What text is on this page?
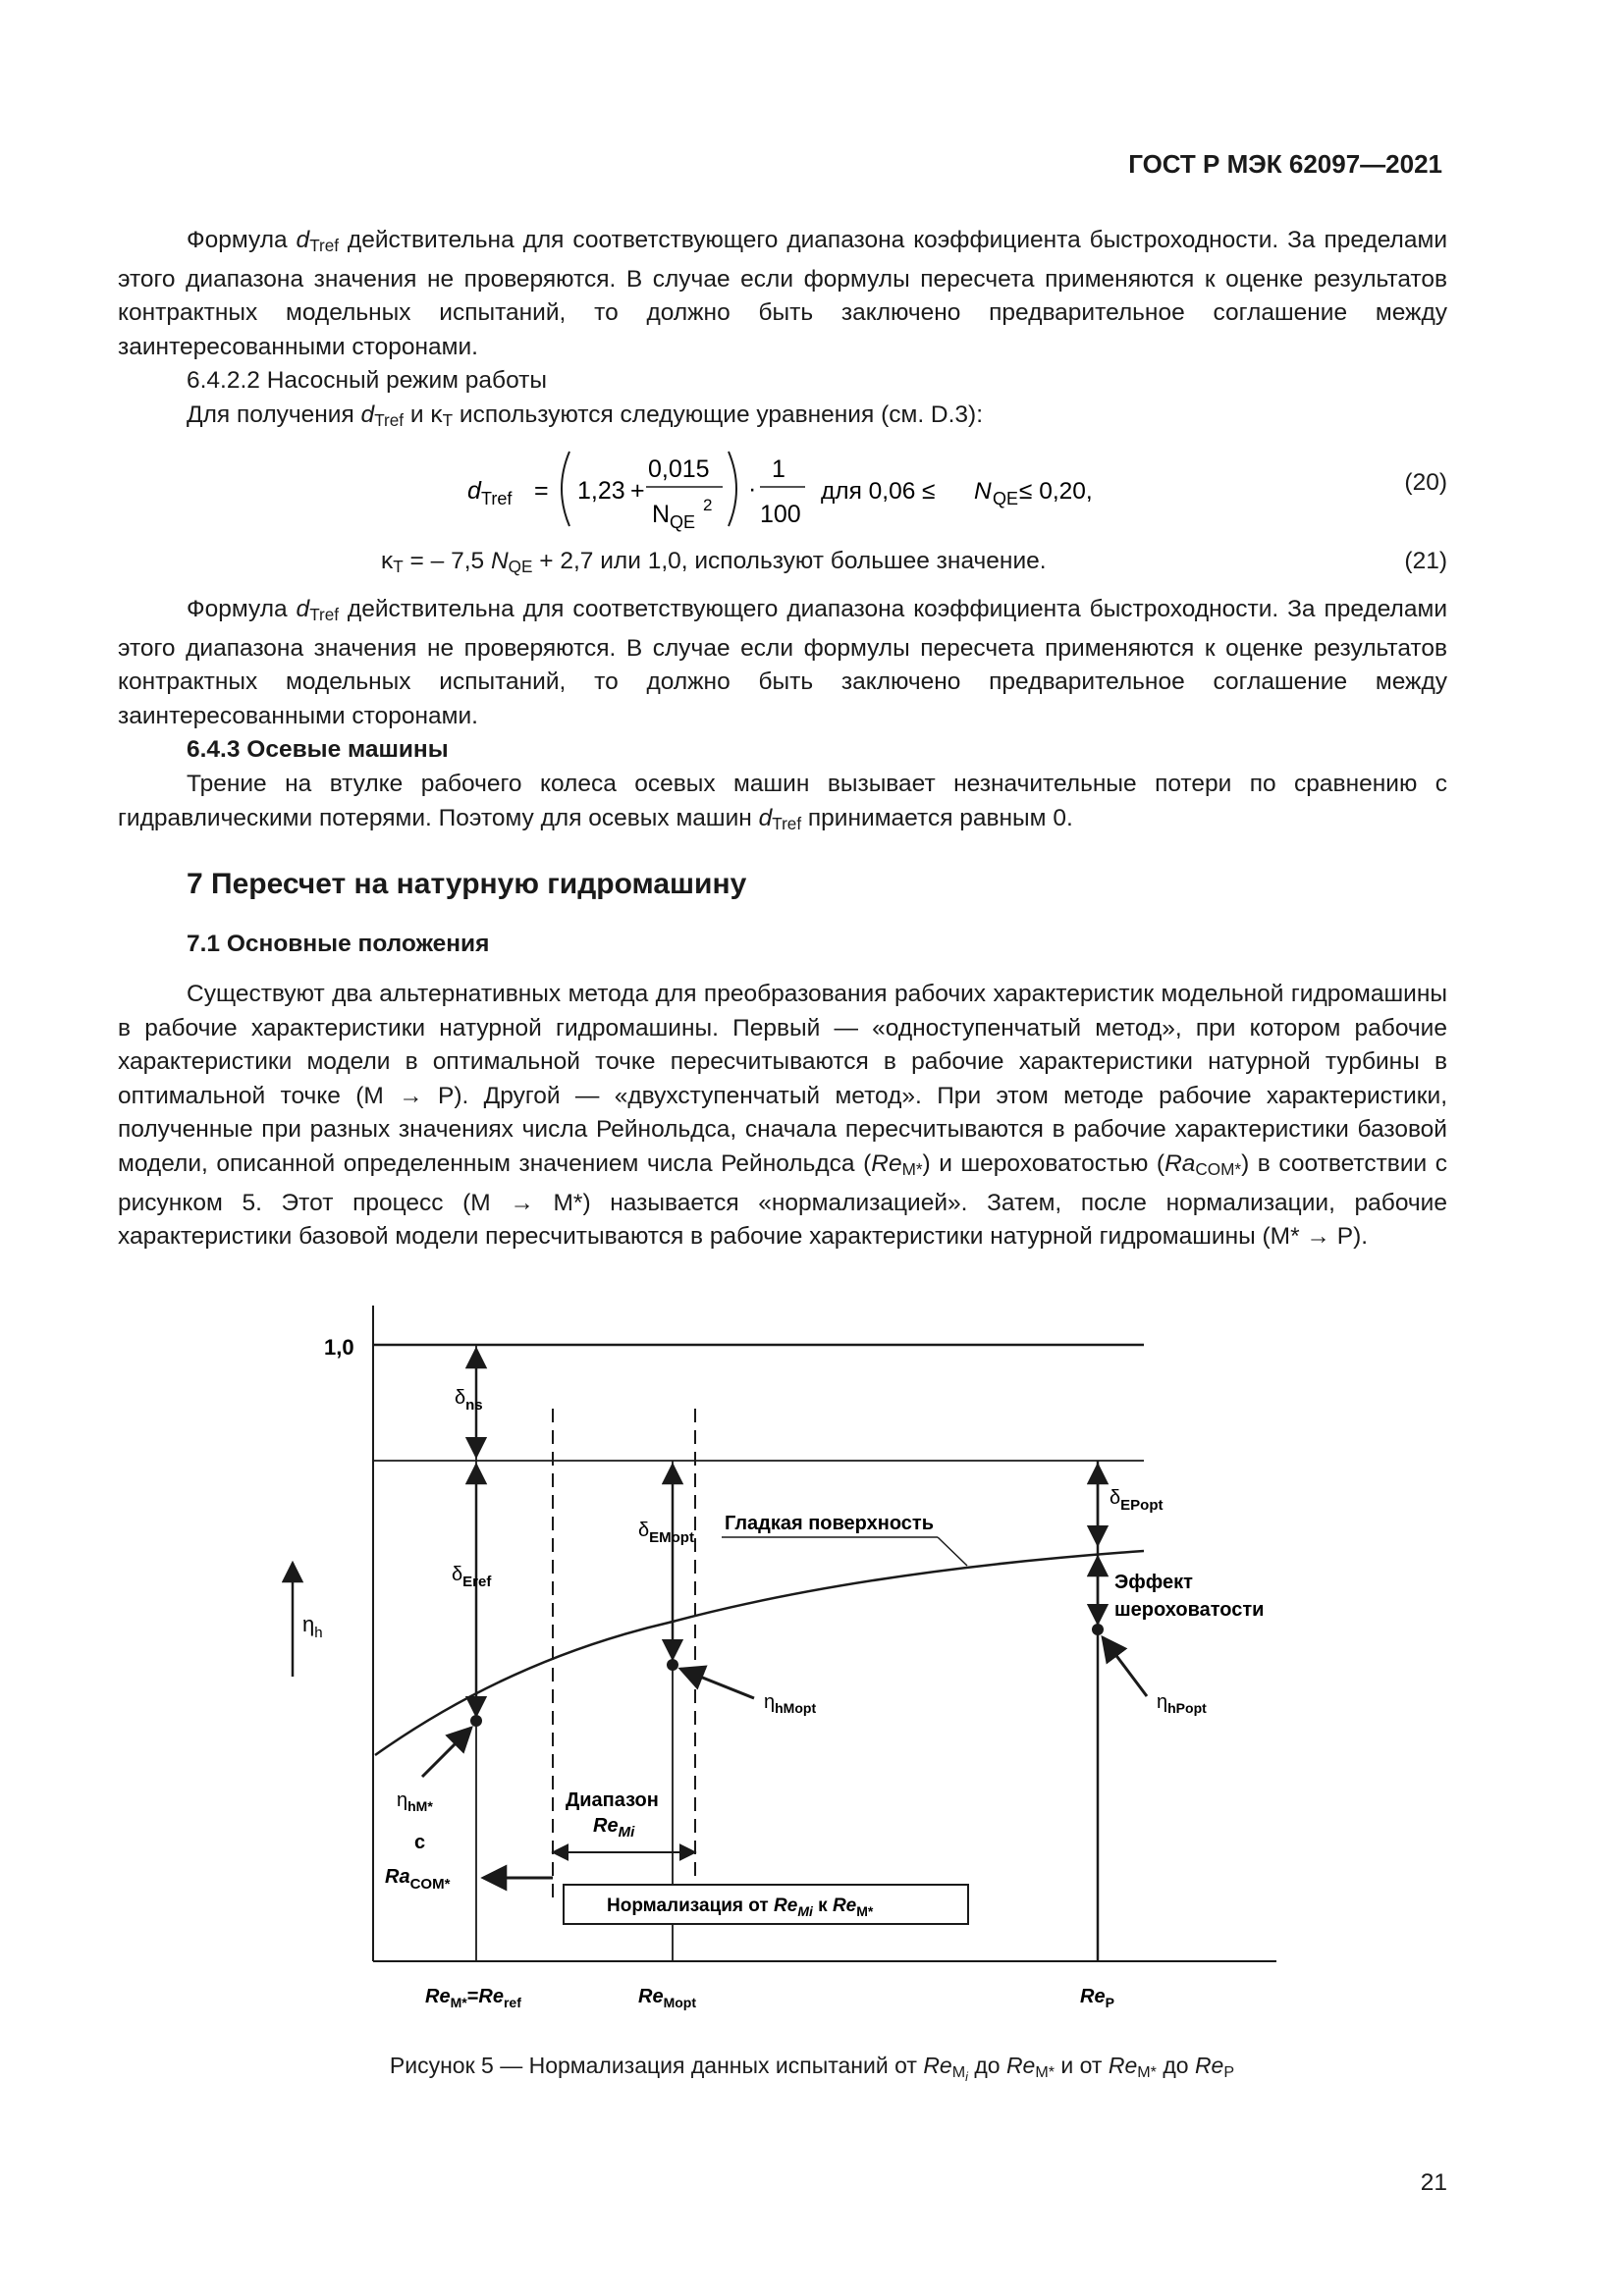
ГОСТ Р МЭК 62097—2021

Формула $d_{Tref}$ действительна для соответствующего диапазона коэффициента быстроходности. За пределами этого диапазона значения не проверяются. В случае если формулы пересчета применяются к оценке результатов контрактных модельных испытаний, то должно быть заключено предварительное соглашение между заинтересованными сторонами.

6.4.2.2 Насосный режим работы

Для получения $d_{Tref}$ и $\kappa_T$ используются следующие уравнения (см. D.3):

d Tref = 1,23 +
0,015
N QE
2
·
1
100
для 0,06 ≤ N QE ≤ 0,20,	(20)
$\kappa_T$ = – 7,5 $N_{QE} + 2,7$ или 1,0, используют большее значение.	(21)

Формула $d_{Tref}$ действительна для соответствующего диапазона коэффициента быстроходности. За пределами этого диапазона значения не проверяются. В случае если формулы пересчета применяются к оценке результатов контрактных модельных испытаний, то должно быть заключено предварительное соглашение между заинтересованными сторонами.

6.4.3 Осевые машины

Трение на втулке рабочего колеса осевых машин вызывает незначительные потери по сравнению с гидравлическими потерями. Поэтому для осевых машин $d_{Tref}$ принимается равным 0.

7 Пересчет на натурную гидромашину
7.1 Основные положения

Существуют два альтернативных метода для преобразования рабочих характеристик модельной гидромашины в рабочие характеристики натурной гидромашины. Первый — «одноступенчатый метод», при котором рабочие характеристики модели в оптимальной точке пересчитываются в рабочие характеристики натурной турбины в оптимальной точке (М → Р). Другой — «двухступенчатый метод». При этом методе рабочие характеристики, полученные при разных значениях числа Рейнольдса, сначала пересчитываются в рабочие характеристики базовой модели, описанной определенным значением числа Рейнольдса $(Re_{M*})$ и шероховатостью $(Ra_{COM*})$ в соответствии с рисунком 5. Этот процесс (М → М*) называется «нормализацией». Затем, после нормализации, рабочие характеристики базовой модели пересчитываются в рабочие характеристики натурной гидромашины (М* → Р).

1,0
$\eta_h$
$\delta_{ns}$
$\delta_{Eref}$
$\delta_{EMopt}$
$\delta_{EPopt}$
Гладкая поверхность
Эффект
шероховатости
$\eta_{hMopt}$	$\eta_{hPopt}$
$\eta_{hM*}$
с
$Ra_{COM*}$
Диапазон
$Re_{Mi}$
Нормализация от $Re_{Mi}$ к $Re_{M*}$
$Re_{M*}=Re_{ref}$	$Re_{Mopt}$	$Re_P$
Рисунок 5 — Нормализация данных испытаний от $Re_{Mi}$ до $Re_{M*}$ и от $Re_{M*}$ до $Re_P$
21
